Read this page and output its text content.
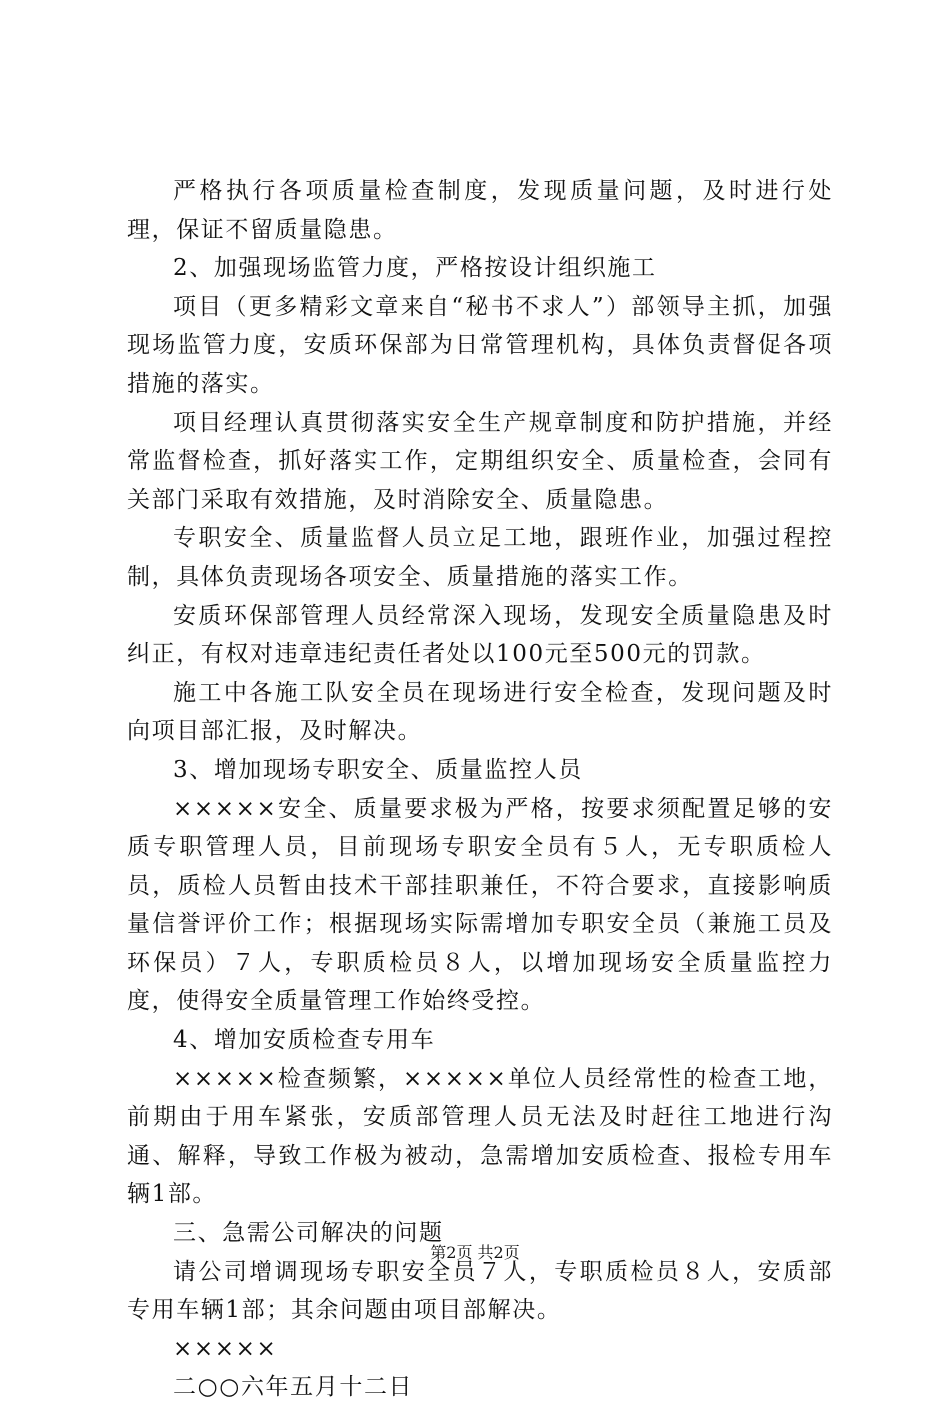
严格执行各项质量检查制度，发现质量问题，及时进行处理，保证不留质量隐患。

2、加强现场监管力度，严格按设计组织施工

项目（更多精彩文章来自“秘书不求人”）部领导主抓，加强现场监管力度，安质环保部为日常管理机构，具体负责督促各项措施的落实。

项目经理认真贯彻落实安全生产规章制度和防护措施，并经常监督检查，抓好落实工作，定期组织安全、质量检查，会同有关部门采取有效措施，及时消除安全、质量隐患。

专职安全、质量监督人员立足工地，跟班作业，加强过程控制，具体负责现场各项安全、质量措施的落实工作。

安质环保部管理人员经常深入现场，发现安全质量隐患及时纠正，有权对违章违纪责任者处以100元至500元的罚款。

施工中各施工队安全员在现场进行安全检查，发现问题及时向项目部汇报，及时解决。

3、增加现场专职安全、质量监控人员

×××××安全、质量要求极为严格，按要求须配置足够的安质专职管理人员，目前现场专职安全员有５人，无专职质检人员，质检人员暂由技术干部挂职兼任，不符合要求，直接影响质量信誉评价工作；根据现场实际需增加专职安全员（兼施工员及环保员）７人，专职质检员８人，以增加现场安全质量监控力度，使得安全质量管理工作始终受控。

4、增加安质检查专用车

×××××检查频繁，×××××单位人员经常性的检查工地，前期由于用车紧张，安质部管理人员无法及时赶往工地进行沟通、解释，导致工作极为被动，急需增加安质检查、报检专用车辆1部。

三、急需公司解决的问题

请公司增调现场专职安全员７人，专职质检员８人，安质部专用车辆1部；其余问题由项目部解决。

×××××

二○○六年五月十二日

第2页 共2页
